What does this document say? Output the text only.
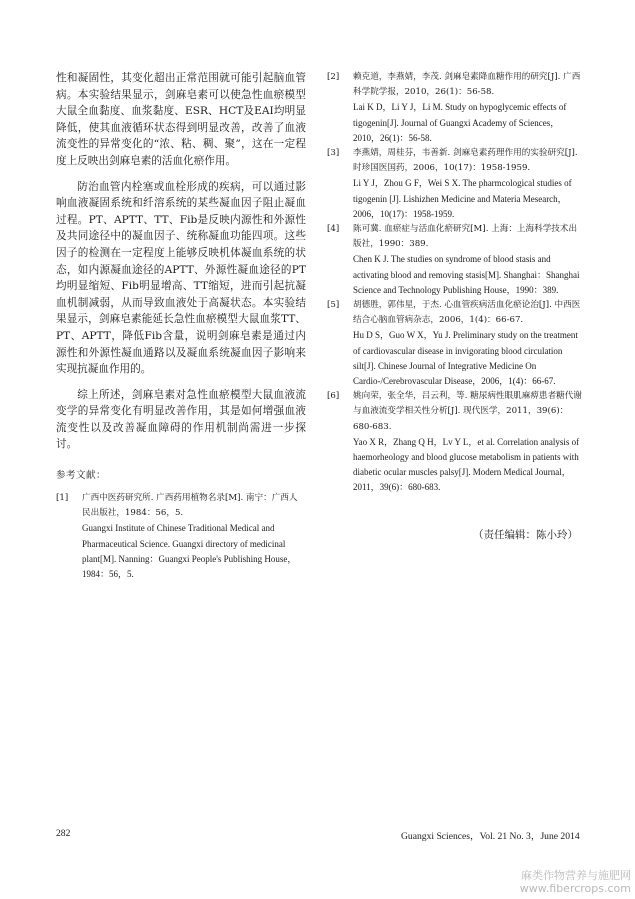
性和凝固性，其变化超出正常范围就可能引起脑血管病。本实验结果显示，剑麻皂素可以使急性血瘀模型大鼠全血黏度、血浆黏度、ESR、HCT及EAI均明显降低，使其血液循环状态得到明显改善，改善了血液流变性的异常变化的“浓、粘、稠、聚”，这在一定程度上反映出剑麻皂素的活血化瘀作用。

防治血管内栓塞或血栓形成的疾病，可以通过影响血液凝固系统和纤溶系统的某些凝血因子阻止凝血过程。PT、APTT、TT、Fib是反映内源性和外源性及共同途径中的凝血因子、统称凝血功能四项。这些因子的检测在一定程度上能够反映机体凝血系统的状态，如内源凝血途径的APTT、外源性凝血途径的PT均明显缩短、Fib明显增高、TT缩短，进而引起抗凝血机制减弱，从而导致血液处于高凝状态。本实验结果显示，剑麻皂素能延长急性血瘀模型大鼠血浆TT、PT、APTT，降低Fib含量，说明剑麻皂素是通过内源性和外源性凝血通路以及凝血系统凝血因子影响来实现抗凝血作用的。

综上所述，剑麻皂素对急性血瘀模型大鼠血液流变学的异常变化有明显改善作用，其是如何增强血液流变性以及改善凝血障碍的作用机制尚需进一步探讨。

参考文献：
[1]	广西中医药研究所. 广西药用植物名录[M]. 南宁：广西人民出版社，1984：56，5.
Guangxi Institute of Chinese Traditional Medical and Pharmaceutical Science. Guangxi directory of medicinal plant[M]. Nanning：Guangxi People's Publishing House，1984：56，5.
[2]	赖克道，李燕婧，李茂. 剑麻皂素降血糖作用的研究[J]. 广西科学院学报，2010，26(1)：56-58.
Lai K D，Li Y J，Li M. Study on hypoglycemic effects of tigogenin[J]. Journal of Guangxi Academy of Sciences，2010，26(1)：56-58.
[3]	李燕婧，周桂芬，韦善新. 剑麻皂素药理作用的实验研究[J]. 时珍国医国药，2006，10(17)：1958-1959.
Li Y J，Zhou G F，Wei S X. The pharmcological studies of tigogenin [J]. Lishizhen Medicine and Materia Mesearch，2006，10(17)：1958-1959.
[4]	陈可冀. 血瘀症与活血化瘀研究[M]. 上海：上海科学技术出版社，1990：389.
Chen K J. The studies on syndrome of blood stasis and activating blood and removing stasis[M]. Shanghai：Shanghai Science and Technology Publishing House，1990：389.
[5]	胡德胜，郭伟星，于杰. 心血管疾病活血化瘀论治[J]. 中西医结合心脑血管病杂志，2006，1(4)：66-67.
Hu D S，Guo W X，Yu J. Preliminary study on the treatment of cardiovascular disease in invigorating blood circulation silt[J]. Chinese Journal of Integrative Medicine On Cardio-/Cerebrovascular Disease，2006，1(4)：66-67.
[6]	姚向荣，张全华，吕云利，等. 糖尿病性眼肌麻痹患者糖代谢与血液流变学相关性分析[J]. 现代医学，2011，39(6)：680-683.
Yao X R，Zhang Q H，Lv Y L，et al. Correlation analysis of haemorheology and blood glucose metabolism in patients with diabetic ocular muscles palsy[J]. Modern Medical Journal，2011，39(6)：680-683.
（责任编辑：陈小玲）
282	Guangxi Sciences，Vol. 21 No. 3，June 2014
麻类作物营养与施肥网
www.fibercrops.com
